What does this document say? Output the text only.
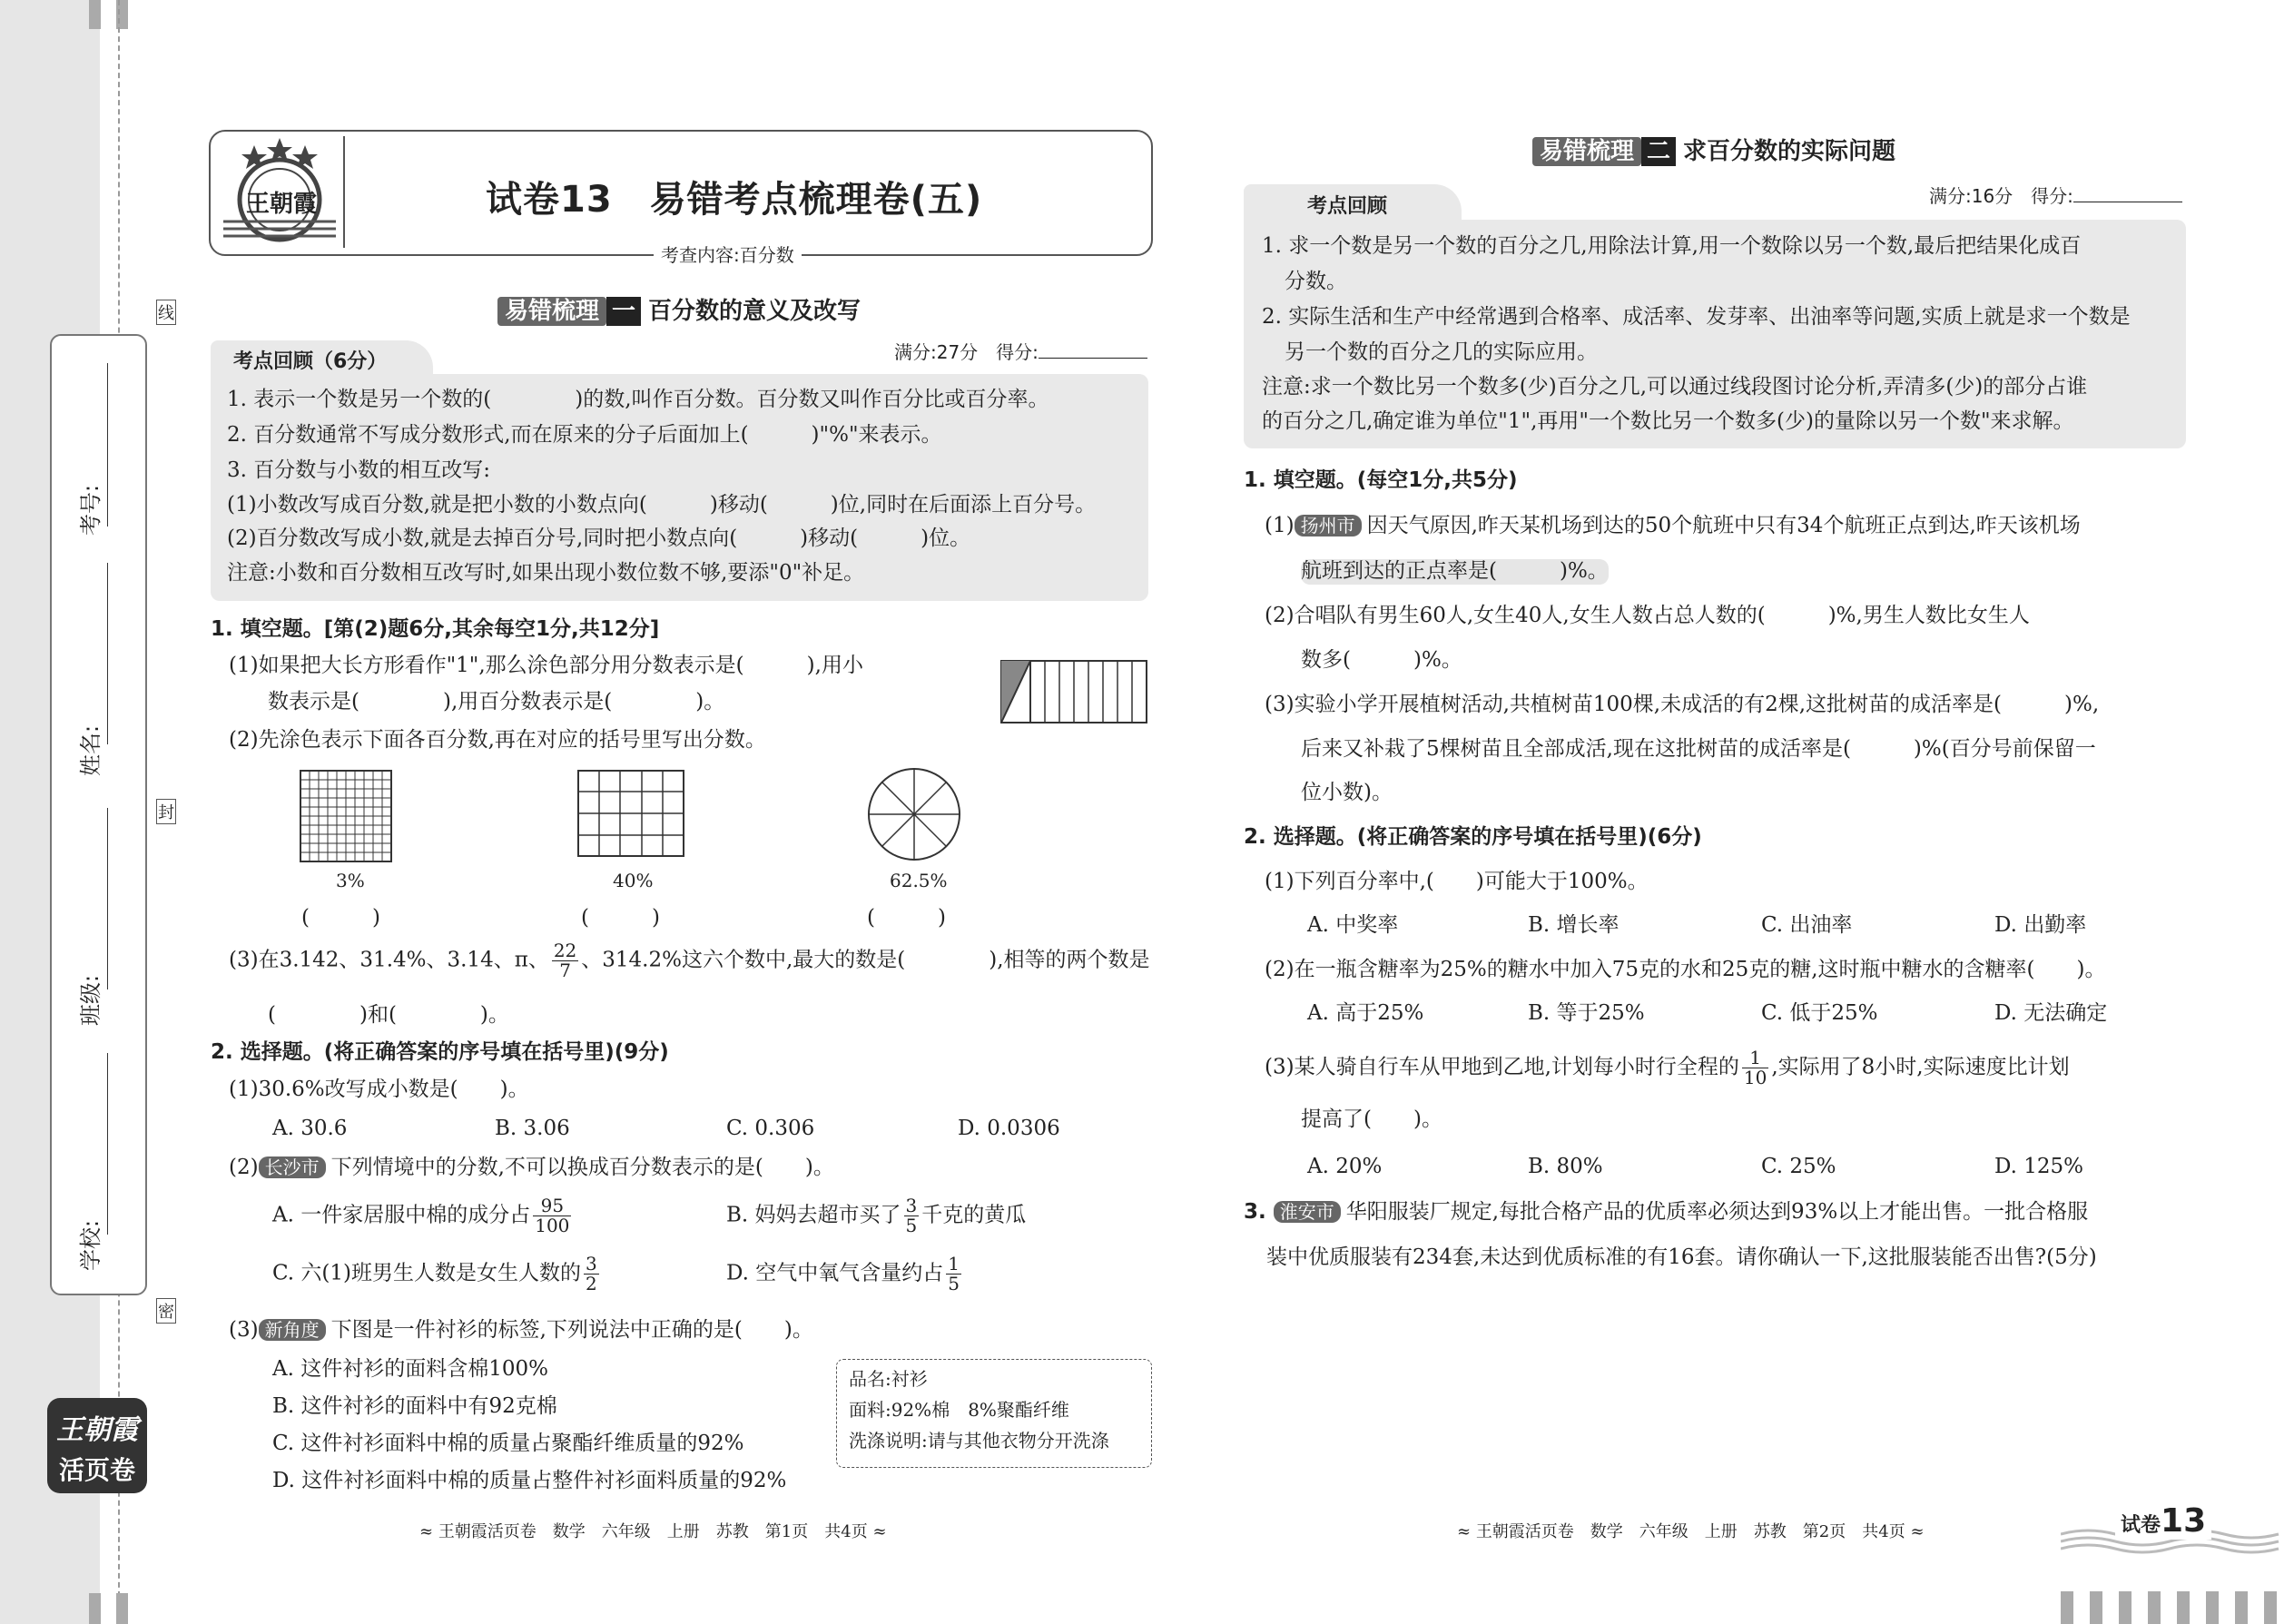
考号:
姓名:
班级:
学校:
线
封
密
王朝霞
活页卷
王朝霞	试卷13　易错考点梳理卷(五)
考查内容:百分数
易错梳理 一 百分数的意义及改写
考点回顾（6分）	满分:27分　得分:
1. 表示一个数是另一个数的(　　　　)的数,叫作百分数。百分数又叫作百分比或百分率。
2. 百分数通常不写成分数形式,而在原来的分子后面加上(　　　)"%"来表示。
3. 百分数与小数的相互改写:
(1)小数改写成百分数,就是把小数的小数点向(　　　)移动(　　　)位,同时在后面添上百分号。
(2)百分数改写成小数,就是去掉百分号,同时把小数点向(　　　)移动(　　　)位。
注意:小数和百分数相互改写时,如果出现小数位数不够,要添"0"补足。
1. 填空题。[第(2)题6分,其余每空1分,共12分]
(1)如果把大长方形看作"1",那么涂色部分用分数表示是(　　　),用小
数表示是(　　　　),用百分数表示是(　　　　)。
(2)先涂色表示下面各百分数,再在对应的括号里写出分数。
3%	40%	62.5%
(　　　)	(　　　)	(　　　)
(3)在3.142、31.4%、3.14、π、 $\frac{22}{7}$ 、314.2%这六个数中,最大的数是(　　　　),相等的两个数是
(　　　　)和(　　　　)。
2. 选择题。(将正确答案的序号填在括号里)(9分)
(1)30.6%改写成小数是(　　)。
A. 30.6	B. 3.06	C. 0.306	D. 0.0306
(2) 长沙市 下列情境中的分数,不可以换成百分数表示的是(　　)。
A. 一件家居服中棉的成分占 $\frac{95}{100}$	B. 妈妈去超市买了 $\frac{3}{5}$ 千克的黄瓜
C. 六(1)班男生人数是女生人数的 $\frac{3}{2}$	D. 空气中氧气含量约占 $\frac{1}{5}$
(3) 新角度 下图是一件衬衫的标签,下列说法中正确的是(　　)。
A. 这件衬衫的面料含棉100%
B. 这件衬衫的面料中有92克棉
C. 这件衬衫面料中棉的质量占聚酯纤维质量的92%
D. 这件衬衫面料中棉的质量占整件衬衫面料质量的92%
品名:衬衫
面料:92%棉　8%聚酯纤维
洗涤说明:请与其他衣物分开洗涤
≈ 王朝霞活页卷　数学　六年级　上册　苏教　第1页　共4页 ≈
易错梳理 二 求百分数的实际问题
考点回顾	满分:16分　得分:
1. 求一个数是另一个数的百分之几,用除法计算,用一个数除以另一个数,最后把结果化成百
分数。
2. 实际生活和生产中经常遇到合格率、成活率、发芽率、出油率等问题,实质上就是求一个数是
另一个数的百分之几的实际应用。
注意:求一个数比另一个数多(少)百分之几,可以通过线段图讨论分析,弄清多(少)的部分占谁
的百分之几,确定谁为单位"1",再用"一个数比另一个数多(少)的量除以另一个数"来求解。
1. 填空题。(每空1分,共5分)
(1) 扬州市 因天气原因,昨天某机场到达的50个航班中只有34个航班正点到达,昨天该机场
航班到达的正点率是(　　　)%。
(2)合唱队有男生60人,女生40人,女生人数占总人数的(　　　)%,男生人数比女生人
数多(　　　)%。
(3)实验小学开展植树活动,共植树苗100棵,未成活的有2棵,这批树苗的成活率是(　　　)%,
后来又补栽了5棵树苗且全部成活,现在这批树苗的成活率是(　　　)%(百分号前保留一
位小数)。
2. 选择题。(将正确答案的序号填在括号里)(6分)
(1)下列百分率中,(　　)可能大于100%。
A. 中奖率	B. 增长率	C. 出油率	D. 出勤率
(2)在一瓶含糖率为25%的糖水中加入75克的水和25克的糖,这时瓶中糖水的含糖率(　　)。
A. 高于25%	B. 等于25%	C. 低于25%	D. 无法确定
(3)某人骑自行车从甲地到乙地,计划每小时行全程的 $\frac{1}{10}$ ,实际用了8小时,实际速度比计划
提高了(　　)。
A. 20%	B. 80%	C. 25%	D. 125%
3. 淮安市 华阳服装厂规定,每批合格产品的优质率必须达到93%以上才能出售。一批合格服
装中优质服装有234套,未达到优质标准的有16套。请你确认一下,这批服装能否出售?(5分)
≈ 王朝霞活页卷　数学　六年级　上册　苏教　第2页　共4页 ≈	试卷13
